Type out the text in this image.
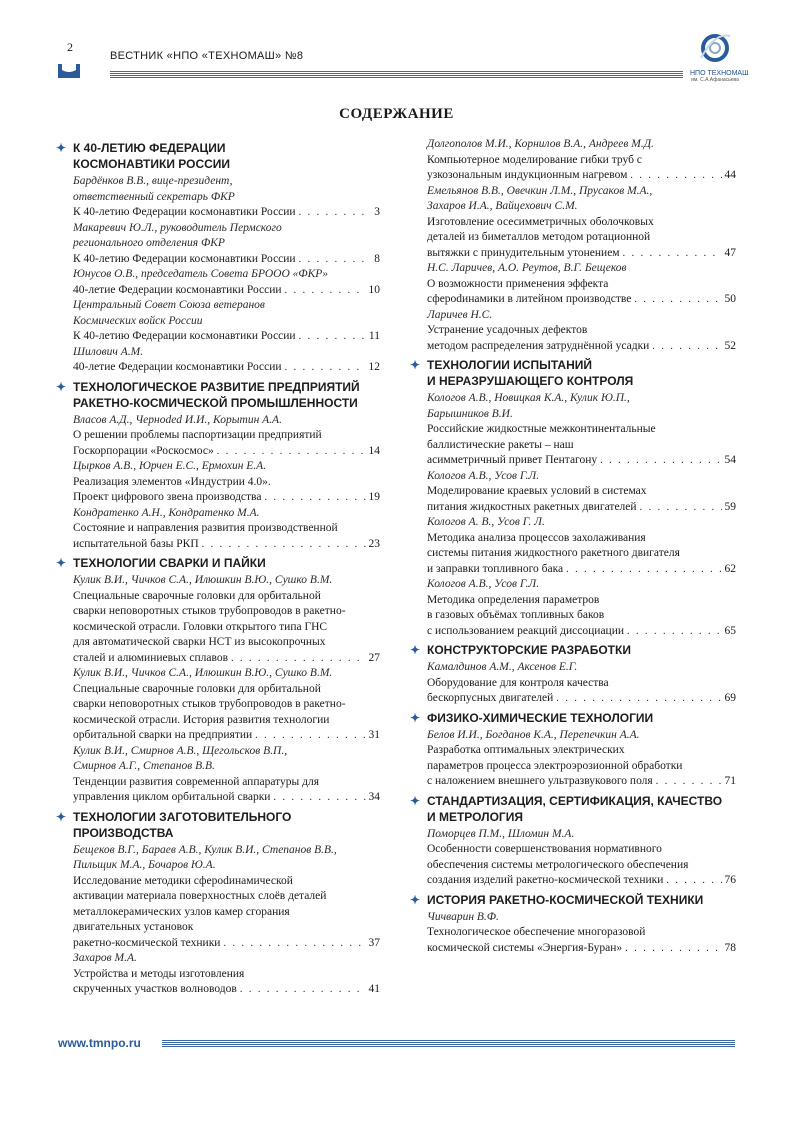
2
ВЕСТНИК «НПО «ТЕХНОМАШ» №8
НПО ТЕХНОМАШ
им. С.А.Афанасьева
СОДЕРЖАНИЕ
✦ К 40-ЛЕТИЮ ФЕДЕРАЦИИ
КОСМОНАВТИКИ РОССИИ
Бардёнков В.В., вице-президент,
ответственный секретарь ФКР
К 40-летию Федерации космонавтики России . . .	3
Макаревич Ю.Л., руководитель Пермского
регионального отделения ФКР
К 40-летию Федерации космонавтики России . . .	8
Юнусов О.В., председатель Совета БРООО «ФКР»
40-летие Федерации космонавтики России . . .	10
Центральный Совет Союза ветеранов
Космических войск России
К 40-летию Федерации космонавтики России . . .	11
Шилович А.М.
40-летие Федерации космонавтики России . . .	12
✦ ТЕХНОЛОГИЧЕСКОЕ РАЗВИТИЕ ПРЕДПРИЯТИЙ
РАКЕТНО-КОСМИЧЕСКОЙ ПРОМЫШЛЕННОСТИ
Власов А.Д., Черноded И.И., Корытин А.А.
О решении проблемы паспортизации предприятий
Госкорпорации «Роскосмос» . . .	14
Цырков А.В., Юрчен Е.С., Ермохин Е.А.
Реализация элементов «Индустрии 4.0».
Проект цифрового звена производства . . .	19
Кондратенко А.Н., Кондратенко М.А.
Состояние и направления развития производственной
испытательной базы РКП . . .	23
✦ ТЕХНОЛОГИИ СВАРКИ И ПАЙКИ
Кулик В.И., Чичков С.А., Илюшкин В.Ю., Сушко В.М.
Специальные сварочные головки для орбитальной
сварки неповоротных стыков трубопроводов в ракетно-
космической отрасли. Головки открытого типа ГНС
для автоматической сварки НСТ из высокопрочных
сталей и алюминиевых сплавов . . .	27
Кулик В.И., Чичков С.А., Илюшкин В.Ю., Сушко В.М.
Специальные сварочные головки для орбитальной
сварки неповоротных стыков трубопроводов в ракетно-
космической отрасли. История развития технологии
орбитальной сварки на предприятии . . .	31
Кулик В.И., Смирнов А.В., Щегольсков В.П.,
Смирнов А.Г., Степанов В.В.
Тенденции развития современной аппаратуры для
управления циклом орбитальной сварки . . .	34
✦ ТЕХНОЛОГИИ ЗАГОТОВИТЕЛЬНОГО
ПРОИЗВОДСТВА
Бещеков В.Г., Бараев А.В., Кулик В.И., Степанов В.В.,
Пильщик М.А., Бочаров Ю.А.
Исследование методики сфероdинамической
активации материала поверхностных слоёв деталей
металлокерамических узлов камер сгорания
двигательных установок
ракетно-космической техники . . .	37
Захаров М.А.
Устройства и методы изготовления
скрученных участков волноводов . . .	41
Долгополов М.И., Корнилов В.А., Андреев М.Д.
Компьютерное моделирование гибки труб с
узкозональным индукционным нагревом . . .	44
Емельянов В.В., Овечкин Л.М., Прусаков М.А.,
Захаров И.А., Вайцехович С.М.
Изготовление осесимметричных оболочковых
деталей из биметаллов методом ротационной
вытяжки с принудительным утонением . . .	47
Н.С. Ларичев, А.О. Реутов, В.Г. Бещеков
О возможности применения эффекта
сфероdинамики в литейном производстве . . .	50
Ларичев Н.С.
Устранение усадочных дефектов
методом распределения затруднённой усадки . . .	52
✦ ТЕХНОЛОГИИ ИСПЫТАНИЙ
И НЕРАЗРУШАЮЩЕГО КОНТРОЛЯ
Кологов А.В., Новицкая К.А., Кулик Ю.П.,
Барышников В.И.
Российские жидкостные межконтинентальные
баллистические ракеты – наш
асимметричный привет Пентагону . . .	54
Кологов А.В., Усов Г.Л.
Моделирование краевых условий в системах
питания жидкостных ракетных двигателей . . .	59
Кологов А. В., Усов Г. Л.
Методика анализа процессов захолаживания
системы питания жидкостного ракетного двигателя
и заправки топливного бака . . .	62
Кологов А.В., Усов Г.Л.
Методика определения параметров
в газовых объёмах топливных баков
с использованием реакций диссоциации . . .	65
✦ КОНСТРУКТОРСКИЕ РАЗРАБОТКИ
Камалдинов А.М., Аксенов Е.Г.
Оборудование для контроля качества
бескорпусных двигателей . . .	69
✦ ФИЗИКО-ХИМИЧЕСКИЕ ТЕХНОЛОГИИ
Белов И.И., Богданов К.А., Перепечкин А.А.
Разработка оптимальных электрических
параметров процесса электроэрозионной обработки
с наложением внешнего ультразвукового поля . . .	71
✦ СТАНДАРТИЗАЦИЯ, СЕРТИФИКАЦИЯ, КАЧЕСТВО
И МЕТРОЛОГИЯ
Поморцев П.М., Шломин М.А.
Особенности совершенствования нормативного
обеспечения системы метрологического обеспечения
создания изделий ракетно-космической техники . . .	76
✦ ИСТОРИЯ РАКЕТНО-КОСМИЧЕСКОЙ ТЕХНИКИ
Чичварин В.Ф.
Технологическое обеспечение многоразовой
космической системы «Энергия-Буран» . . .	78
www.tmnpo.ru
